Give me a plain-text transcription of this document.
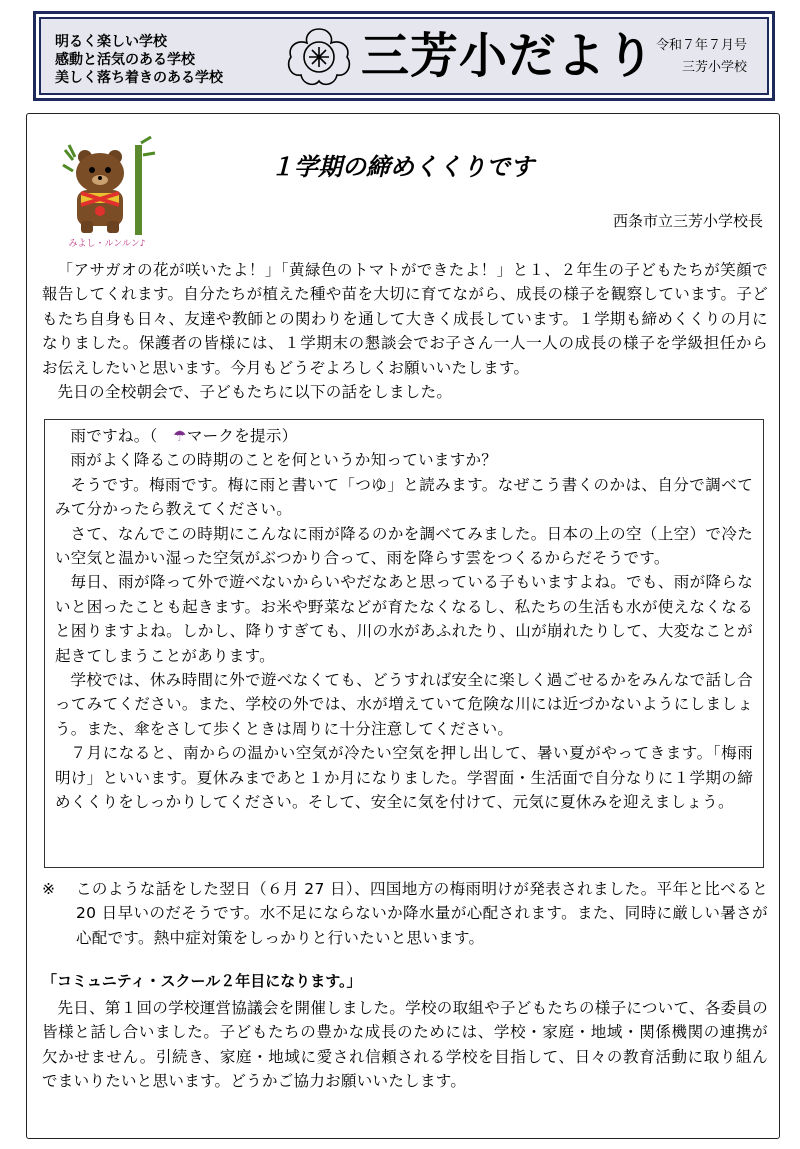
明るく楽しい学校
感動と活気のある学校
美しく落ち着きのある学校	三芳小だより 令和７年７月号
三芳小学校
みよし・ルンルン♪
１学期の締めくくりです
西条市立三芳小学校長

「アサガオの花が咲いたよ！」「黄緑色のトマトができたよ！」と１、２年生の子どもたちが笑顔で報告してくれます。自分たちが植えた種や苗を大切に育てながら、成長の様子を観察しています。子どもたち自身も日々、友達や教師との関わりを通して大きく成長しています。１学期も締めくくりの月になりました。保護者の皆様には、１学期末の懇談会でお子さん一人一人の成長の様子を学級担任からお伝えしたいと思います。今月もどうぞよろしくお願いいたします。

先日の全校朝会で、子どもたちに以下の話をしました。

雨ですね。（ ☂マークを提示）

雨がよく降るこの時期のことを何というか知っていますか？

そうです。梅雨です。梅に雨と書いて「つゆ」と読みます。なぜこう書くのかは、自分で調べてみて分かったら教えてください。

さて、なんでこの時期にこんなに雨が降るのかを調べてみました。日本の上の空（上空）で冷たい空気と温かい湿った空気がぶつかり合って、雨を降らす雲をつくるからだそうです。

毎日、雨が降って外で遊べないからいやだなあと思っている子もいますよね。でも、雨が降らないと困ったことも起きます。お米や野菜などが育たなくなるし、私たちの生活も水が使えなくなると困りますよね。しかし、降りすぎても、川の水があふれたり、山が崩れたりして、大変なことが起きてしまうことがあります。

学校では、休み時間に外で遊べなくても、どうすれば安全に楽しく過ごせるかをみんなで話し合ってみてください。また、学校の外では、水が増えていて危険な川には近づかないようにしましょう。また、傘をさして歩くときは周りに十分注意してください。

７月になると、南からの温かい空気が冷たい空気を押し出して、暑い夏がやってきます。「梅雨明け」といいます。夏休みまであと１か月になりました。学習面・生活面で自分なりに１学期の締めくくりをしっかりしてください。そして、安全に気を付けて、元気に夏休みを迎えましょう。

※ このような話をした翌日（６月 27 日）、四国地方の梅雨明けが発表されました。平年と比べると 20 日早いのだそうです。水不足にならないか降水量が心配されます。また、同時に厳しい暑さが心配です。熱中症対策をしっかりと行いたいと思います。
「コミュニティ・スクール２年目になります。」

先日、第１回の学校運営協議会を開催しました。学校の取組や子どもたちの様子について、各委員の皆様と話し合いました。子どもたちの豊かな成長のためには、学校・家庭・地域・関係機関の連携が欠かせません。引続き、家庭・地域に愛され信頼される学校を目指して、日々の教育活動に取り組んでまいりたいと思います。どうかご協力お願いいたします。
